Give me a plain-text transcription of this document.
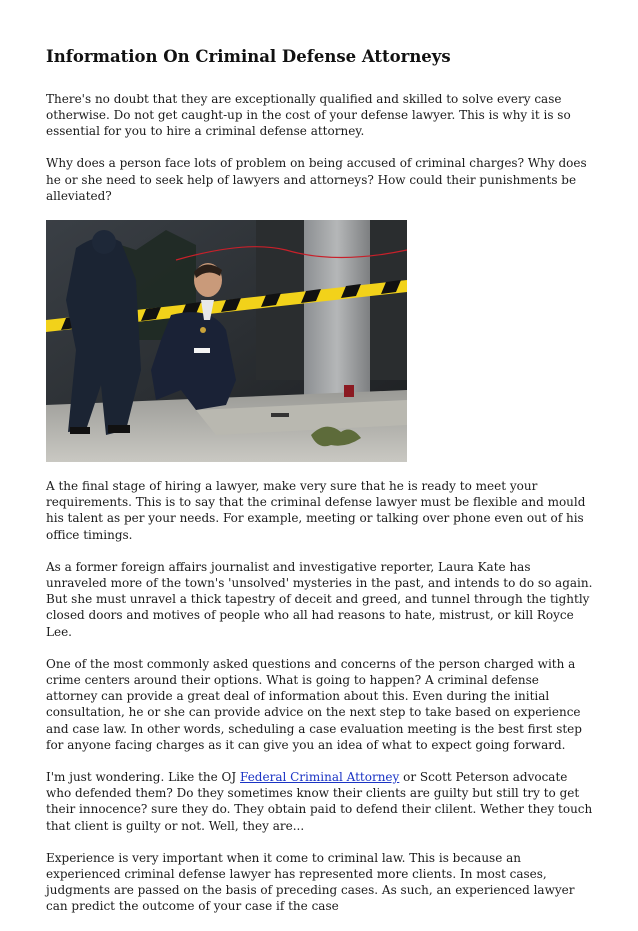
Information On Criminal Defense Attorneys

There's no doubt that they are exceptionally qualified and skilled to solve every case otherwise. Do not get caught-up in the cost of your defense lawyer. This is why it is so essential for you to hire a criminal defense attorney.

Why does a person face lots of problem on being accused of criminal charges? Why does he or she need to seek help of lawyers and attorneys? How could their punishments be alleviated?

A the final stage of hiring a lawyer, make very sure that he is ready to meet your requirements. This is to say that the criminal defense lawyer must be flexible and mould his talent as per your needs. For example, meeting or talking over phone even out of his office timings.

As a former foreign affairs journalist and investigative reporter, Laura Kate has unraveled more of the town's 'unsolved' mysteries in the past, and intends to do so again. But she must unravel a thick tapestry of deceit and greed, and tunnel through the tightly closed doors and motives of people who all had reasons to hate, mistrust, or kill Royce Lee.

One of the most commonly asked questions and concerns of the person charged with a crime centers around their options. What is going to happen? A criminal defense attorney can provide a great deal of information about this. Even during the initial consultation, he or she can provide advice on the next step to take based on experience and case law. In other words, scheduling a case evaluation meeting is the best first step for anyone facing charges as it can give you an idea of what to expect going forward.

I'm just wondering. Like the OJ Federal Criminal Attorney or Scott Peterson advocate who defended them? Do they sometimes know their clients are guilty but still try to get their innocence? sure they do. They obtain paid to defend their clilent. Wether they touch that client is guilty or not. Well, they are...

Experience is very important when it come to criminal law. This is because an experienced criminal defense lawyer has represented more clients. In most cases, judgments are passed on the basis of preceding cases. As such, an experienced lawyer can predict the outcome of your case if the case
